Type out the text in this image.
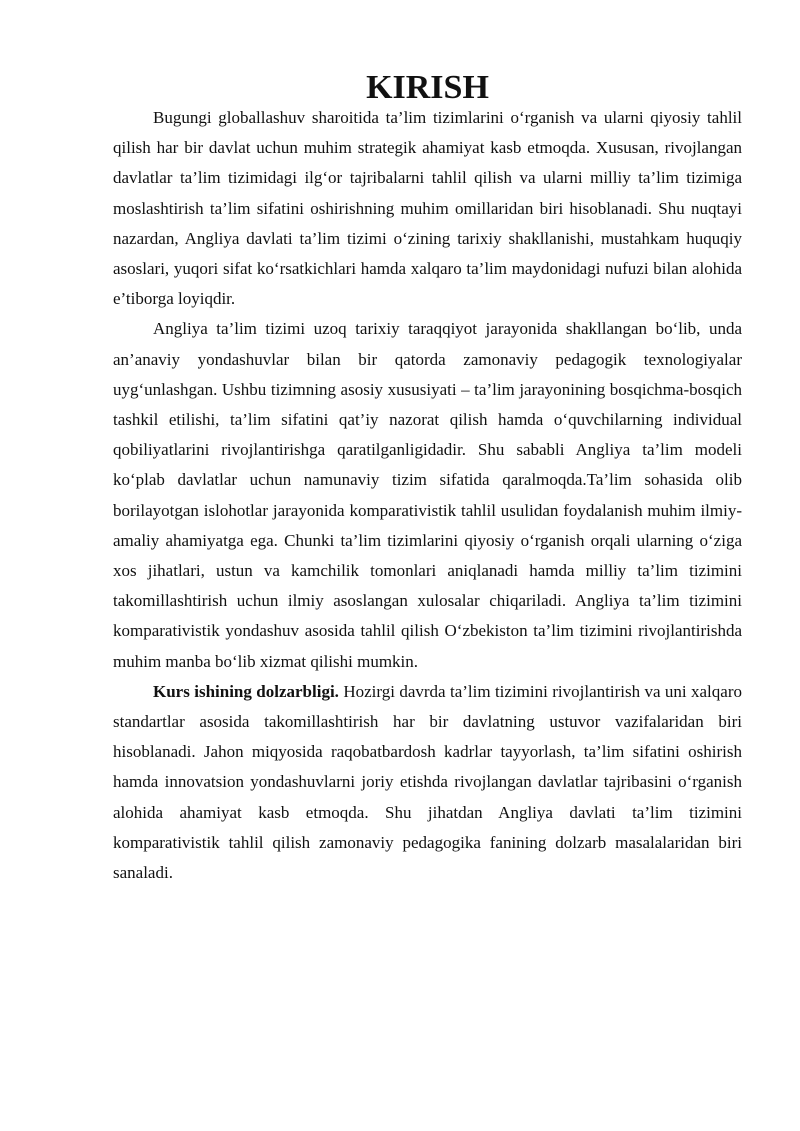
KIRISH

Bugungi globallashuv sharoitida ta’lim tizimlarini o‘rganish va ularni qiyosiy tahlil qilish har bir davlat uchun muhim strategik ahamiyat kasb etmoqda. Xususan, rivojlangan davlatlar ta’lim tizimidagi ilg‘or tajribalarni tahlil qilish va ularni milliy ta’lim tizimiga moslashtirish ta’lim sifatini oshirishning muhim omillaridan biri hisoblanadi. Shu nuqtayi nazardan, Angliya davlati ta’lim tizimi o‘zining tarixiy shakllanishi, mustahkam huquqiy asoslari, yuqori sifat ko‘rsatkichlari hamda xalqaro ta’lim maydonidagi nufuzi bilan alohida e’tiborga loyiqdir.

Angliya ta’lim tizimi uzoq tarixiy taraqqiyot jarayonida shakllangan bo‘lib, unda an’anaviy yondashuvlar bilan bir qatorda zamonaviy pedagogik texnologiyalar uyg‘unlashgan. Ushbu tizimning asosiy xususiyati – ta’lim jarayonining bosqichma-bosqich tashkil etilishi, ta’lim sifatini qat’iy nazorat qilish hamda o‘quvchilarning individual qobiliyatlarini rivojlantirishga qaratilganligidadir. Shu sababli Angliya ta’lim modeli ko‘plab davlatlar uchun namunaviy tizim sifatida qaralmoqda.Ta’lim sohasida olib borilayotgan islohotlar jarayonida komparativistik tahlil usulidan foydalanish muhim ilmiy-amaliy ahamiyatga ega. Chunki ta’lim tizimlarini qiyosiy o‘rganish orqali ularning o‘ziga xos jihatlari, ustun va kamchilik tomonlari aniqlanadi hamda milliy ta’lim tizimini takomillashtirish uchun ilmiy asoslangan xulosalar chiqariladi. Angliya ta’lim tizimini komparativistik yondashuv asosida tahlil qilish O‘zbekiston ta’lim tizimini rivojlantirishda muhim manba bo‘lib xizmat qilishi mumkin.

Kurs ishining dolzarbligi. Hozirgi davrda ta’lim tizimini rivojlantirish va uni xalqaro standartlar asosida takomillashtirish har bir davlatning ustuvor vazifalaridan biri hisoblanadi. Jahon miqyosida raqobatbardosh kadrlar tayyorlash, ta’lim sifatini oshirish hamda innovatsion yondashuvlarni joriy etishda rivojlangan davlatlar tajribasini o‘rganish alohida ahamiyat kasb etmoqda. Shu jihatdan Angliya davlati ta’lim tizimini komparativistik tahlil qilish zamonaviy pedagogika fanining dolzarb masalalaridan biri sanaladi.
